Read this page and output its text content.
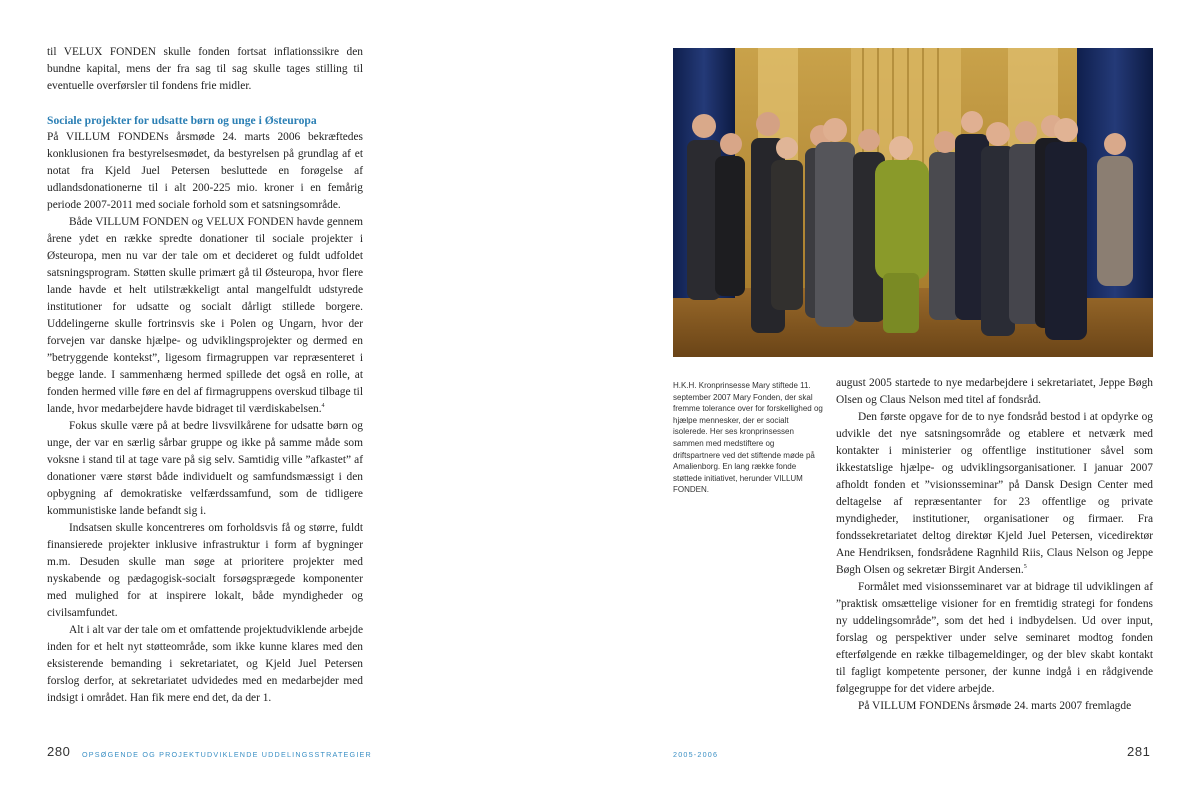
til VELUX FONDEN skulle fonden fortsat inflationssikre den bundne kapital, mens der fra sag til sag skulle tages stilling til eventuelle overførsler til fondens frie midler.

Sociale projekter for udsatte børn og unge i Østeuropa

På VILLUM FONDENs årsmøde 24. marts 2006 bekræftedes konklusionen fra bestyrelsesmødet, da bestyrelsen på grundlag af et notat fra Kjeld Juel Petersen besluttede en forøgelse af udlandsdonationerne til i alt 200-225 mio. kroner i en femårig periode 2007-2011 med sociale forhold som et satsningsområde.

Både VILLUM FONDEN og VELUX FONDEN havde gennem årene ydet en række spredte donationer til sociale projekter i Østeuropa, men nu var der tale om et decideret og fuldt udfoldet satsningsprogram. Støtten skulle primært gå til Østeuropa, hvor flere lande havde et helt utilstrækkeligt antal mangelfuldt udstyrede institutioner for udsatte og socialt dårligt stillede borgere. Uddelingerne skulle fortrinsvis ske i Polen og Ungarn, hvor der forvejen var danske hjælpe- og udviklingsprojekter og dermed en ”betryggende kontekst”, ligesom firmagruppen var repræsenteret i begge lande. I sammenhæng hermed spillede det også en rolle, at fonden hermed ville føre en del af firmagruppens overskud tilbage til lande, hvor medarbejdere havde bidraget til værdiskabelsen.$^4$

Fokus skulle være på at bedre livsvilkårene for udsatte børn og unge, der var en særlig sårbar gruppe og ikke på samme måde som voksne i stand til at tage vare på sig selv. Samtidig ville ”afkastet” af donationer være størst både individuelt og samfundsmæssigt i den opbygning af demokratiske velfærdssamfund, som de tidligere kommunistiske lande befandt sig i.

Indsatsen skulle koncentreres om forholdsvis få og større, fuldt finansierede projekter inklusive infrastruktur i form af bygninger m.m. Desuden skulle man søge at prioritere projekter med nyskabende og pædagogisk-socialt forsøgsprægede komponenter med mulighed for at inspirere lokalt, både myndigheder og civilsamfundet.

Alt i alt var der tale om et omfattende projektudviklende arbejde inden for et helt nyt støtteområde, som ikke kunne klares med den eksisterende bemanding i sekretariatet, og Kjeld Juel Petersen forslog derfor, at sekretariatet udvidedes med en medarbejder med indsigt i området. Han fik mere end det, da der 1.

280 OPSØGENDE OG PROJEKTUDVIKLENDE UDDELINGSSTRATEGIER
H.K.H. Kronprinsesse Mary stiftede 11. september 2007 Mary Fonden, der skal fremme tolerance over for forskellighed og hjælpe mennesker, der er socialt isolerede. Her ses kronprinsessen sammen med medstiftere og driftspartnere ved det stiftende møde på Amalienborg. En lang række fonde støttede initiativet, herunder VILLUM FONDEN.

august 2005 startede to nye medarbejdere i sekretariatet, Jeppe Bøgh Olsen og Claus Nelson med titel af fondsråd.

Den første opgave for de to nye fondsråd bestod i at opdyrke og udvikle det nye satsningsområde og etablere et netværk med kontakter i ministerier og offentlige institutioner såvel som ikkestatslige hjælpe- og udviklingsorganisationer. I januar 2007 afholdt fonden et ”visionsseminar” på Dansk Design Center med deltagelse af repræsentanter for 23 offentlige og private myndigheder, institutioner, organisationer og firmaer. Fra fondssekretariatet deltog direktør Kjeld Juel Petersen, vicedirektør Ane Hendriksen, fondsrådene Ragnhild Riis, Claus Nelson og Jeppe Bøgh Olsen og sekretær Birgit Andersen.$^5$

Formålet med visionsseminaret var at bidrage til udviklingen af ”praktisk omsættelige visioner for en fremtidig strategi for fondens ny uddelingsområde”, som det hed i indbydelsen. Ud over input, forslag og perspektiver under selve seminaret modtog fonden efterfølgende en række tilbagemeldinger, og der blev skabt kontakt til fagligt kompetente personer, der kunne indgå i en rådgivende følgegruppe for det videre arbejde.

På VILLUM FONDENs årsmøde 24. marts 2007 fremlagde

2005-2006	281
